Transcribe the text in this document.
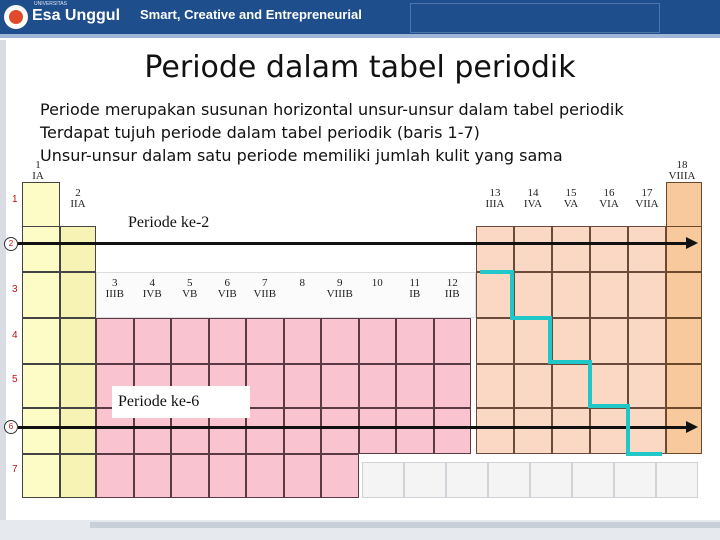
UNIVERSITAS
Esa Unggul Smart, Creative and Entrepreneurial
Periode dalam tabel periodik
Periode merupakan susunan horizontal unsur-unsur dalam tabel periodik
Terdapat tujuh periode dalam tabel periodik (baris 1-7)
Unsur-unsur dalam satu periode memiliki jumlah kulit yang sama
1
IA
2
IIA
18
VIIIA
13
IIIA
14
IVA
15
VA
16
VIA
17
VIIA
3
IIIB
4
IVB
5
VB
6
VIB
7
VIIB
8	9
VIIIB
10	11
IB
12
IIB
1
2
3
4
5
6
7
Periode ke-2
Periode ke-6
